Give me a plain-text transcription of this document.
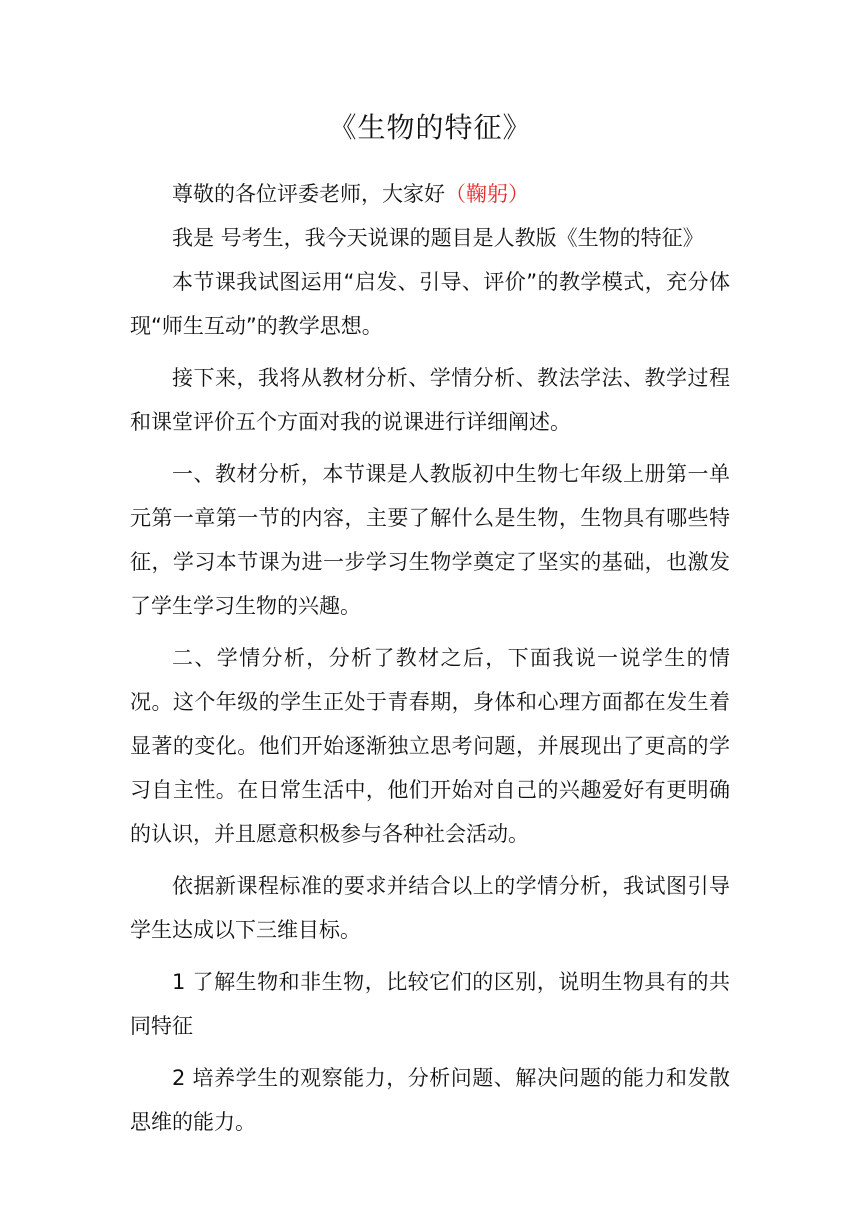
《生物的特征》

尊敬的各位评委老师，大家好（鞠躬）

我是 号考生，我今天说课的题目是人教版《生物的特征》

本节课我试图运用“启发、引导、评价”的教学模式，充分体现“师生互动”的教学思想。

接下来，我将从教材分析、学情分析、教法学法、教学过程和课堂评价五个方面对我的说课进行详细阐述。

一、教材分析，本节课是人教版初中生物七年级上册第一单元第一章第一节的内容，主要了解什么是生物，生物具有哪些特征，学习本节课为进一步学习生物学奠定了坚实的基础，也激发了学生学习生物的兴趣。

二、学情分析，分析了教材之后，下面我说一说学生的情况。这个年级的学生正处于青春期，身体和心理方面都在发生着显著的变化。他们开始逐渐独立思考问题，并展现出了更高的学习自主性。在日常生活中，他们开始对自己的兴趣爱好有更明确的认识，并且愿意积极参与各种社会活动。

依据新课程标准的要求并结合以上的学情分析，我试图引导学生达成以下三维目标。

1 了解生物和非生物，比较它们的区别，说明生物具有的共同特征

2 培养学生的观察能力，分析问题、解决问题的能力和发散思维的能力。
